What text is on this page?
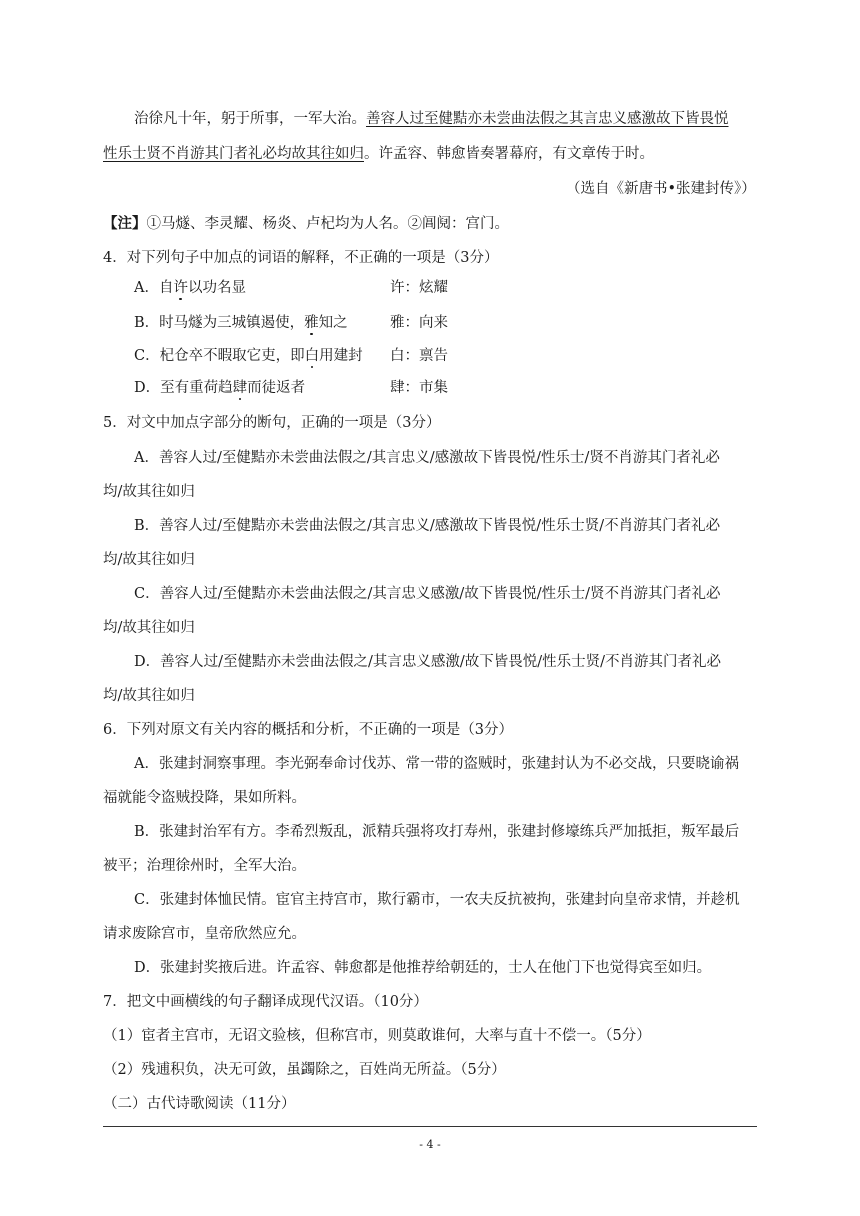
治徐凡十年，躬于所事，一军大治。善容人过至健黠亦未尝曲法假之其言忠义感激故下皆畏悦
性乐士贤不肖游其门者礼必均故其往如归。许孟容、韩愈皆奏署幕府，有文章传于时。
（选自《新唐书•张建封传》）
【注】①马燧、李灵耀、杨炎、卢杞均为人名。②阊阋：宫门。
4．对下列句子中加点的词语的解释，不正确的一项是（3分）
A．自许以功名显	许：炫耀
B．时马燧为三城镇遏使，雅知之	雅：向来
C．杞仓卒不暇取它吏，即白用建封 白：禀告
D．至有重荷趋肆而徒返者	肆：市集
5．对文中加点字部分的断句，正确的一项是（3分）
A．善容人过/至健黠亦未尝曲法假之/其言忠义/感激故下皆畏悦/性乐士/贤不肖游其门者礼必
均/故其往如归
B．善容人过/至健黠亦未尝曲法假之/其言忠义/感激故下皆畏悦/性乐士贤/不肖游其门者礼必
均/故其往如归
C．善容人过/至健黠亦未尝曲法假之/其言忠义感激/故下皆畏悦/性乐士/贤不肖游其门者礼必
均/故其往如归
D．善容人过/至健黠亦未尝曲法假之/其言忠义感激/故下皆畏悦/性乐士贤/不肖游其门者礼必
均/故其往如归
6．下列对原文有关内容的概括和分析，不正确的一项是（3分）
A．张建封洞察事理。李光弼奉命讨伐苏、常一带的盗贼时，张建封认为不必交战，只要晓谕祸
福就能令盗贼投降，果如所料。
B．张建封治军有方。李希烈叛乱，派精兵强将攻打寿州，张建封修壕练兵严加抵拒，叛军最后
被平；治理徐州时，全军大治。
C．张建封体恤民情。宦官主持宫市，欺行霸市，一农夫反抗被拘，张建封向皇帝求情，并趁机
请求废除宫市，皇帝欣然应允。
D．张建封奖掖后进。许孟容、韩愈都是他推荐给朝廷的，士人在他门下也觉得宾至如归。
7．把文中画横线的句子翻译成现代汉语。（10分）
（1）宦者主宫市，无诏文验核，但称宫市，则莫敢谁何，大率与直十不偿一。（5分）
（2）残逋积负，决无可敛，虽蠲除之，百姓尚无所益。（5分）
（二）古代诗歌阅读（11分）
- 4 -
